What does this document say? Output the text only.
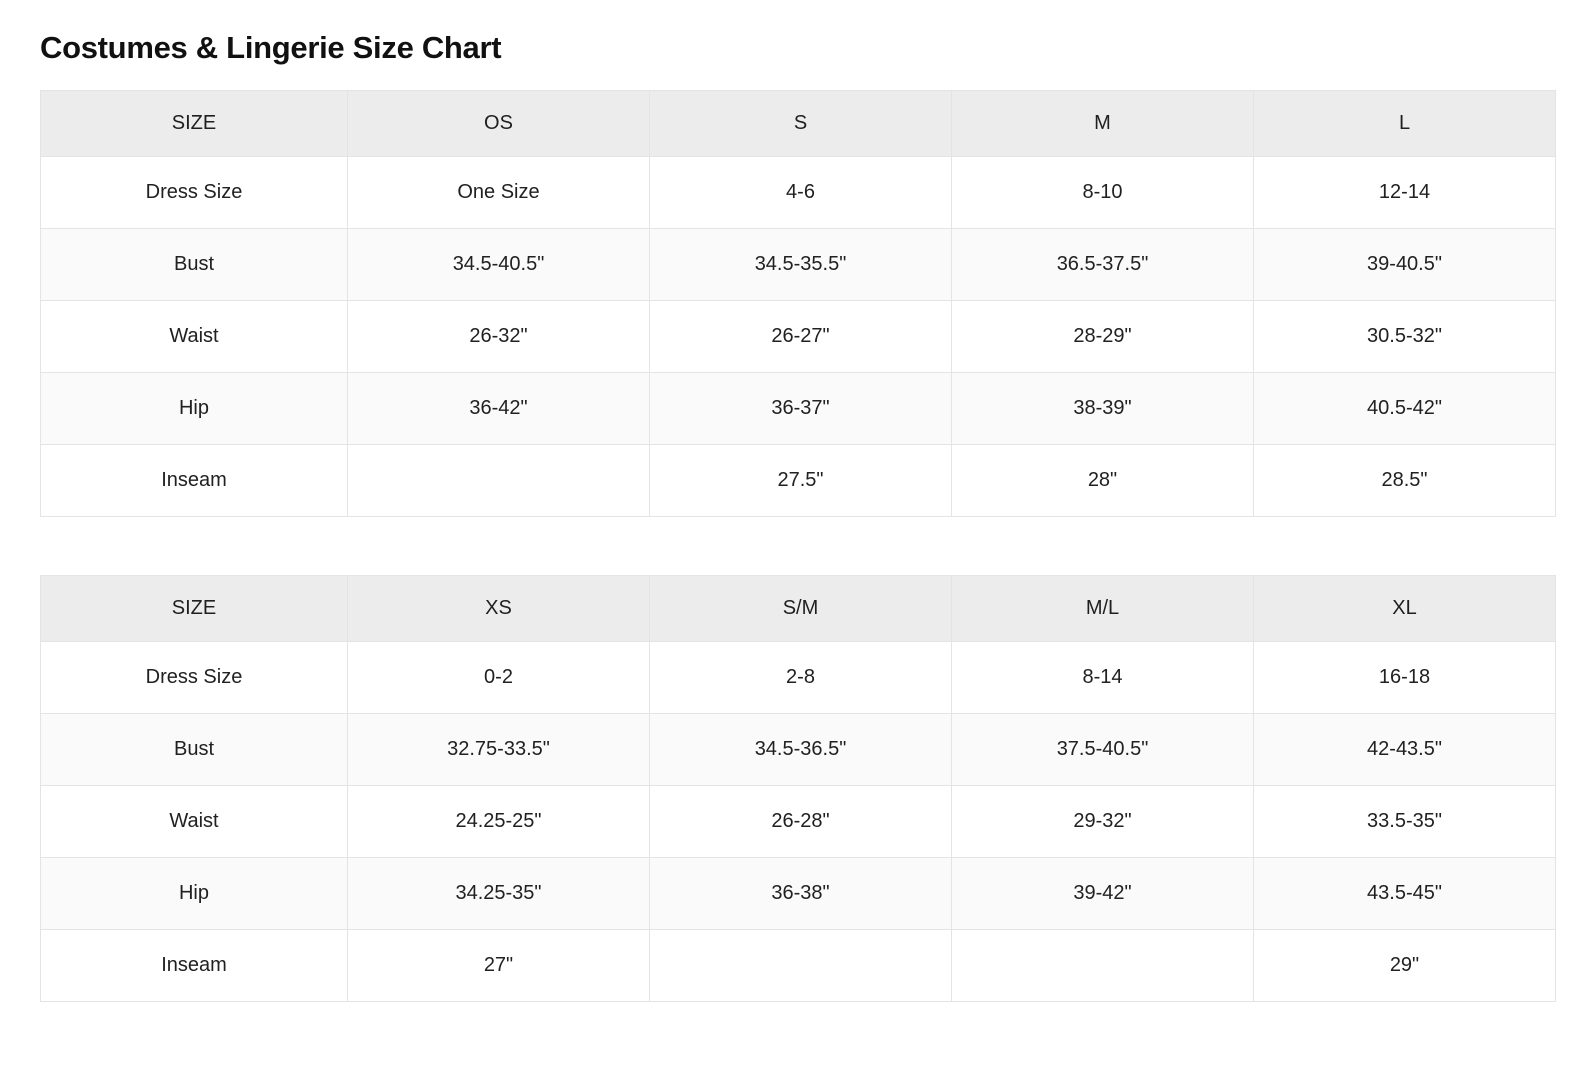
Costumes & Lingerie Size Chart
SIZE	OS	S	M	L
Dress Size	One Size	4-6	8-10	12-14
Bust	34.5-40.5"	34.5-35.5"	36.5-37.5"	39-40.5"
Waist	26-32"	26-27"	28-29"	30.5-32"
Hip	36-42"	36-37"	38-39"	40.5-42"
Inseam		27.5"	28"	28.5"
SIZE	XS	S/M	M/L	XL
Dress Size	0-2	2-8	8-14	16-18
Bust	32.75-33.5"	34.5-36.5"	37.5-40.5"	42-43.5"
Waist	24.25-25"	26-28"	29-32"	33.5-35"
Hip	34.25-35"	36-38"	39-42"	43.5-45"
Inseam	27"			29"
